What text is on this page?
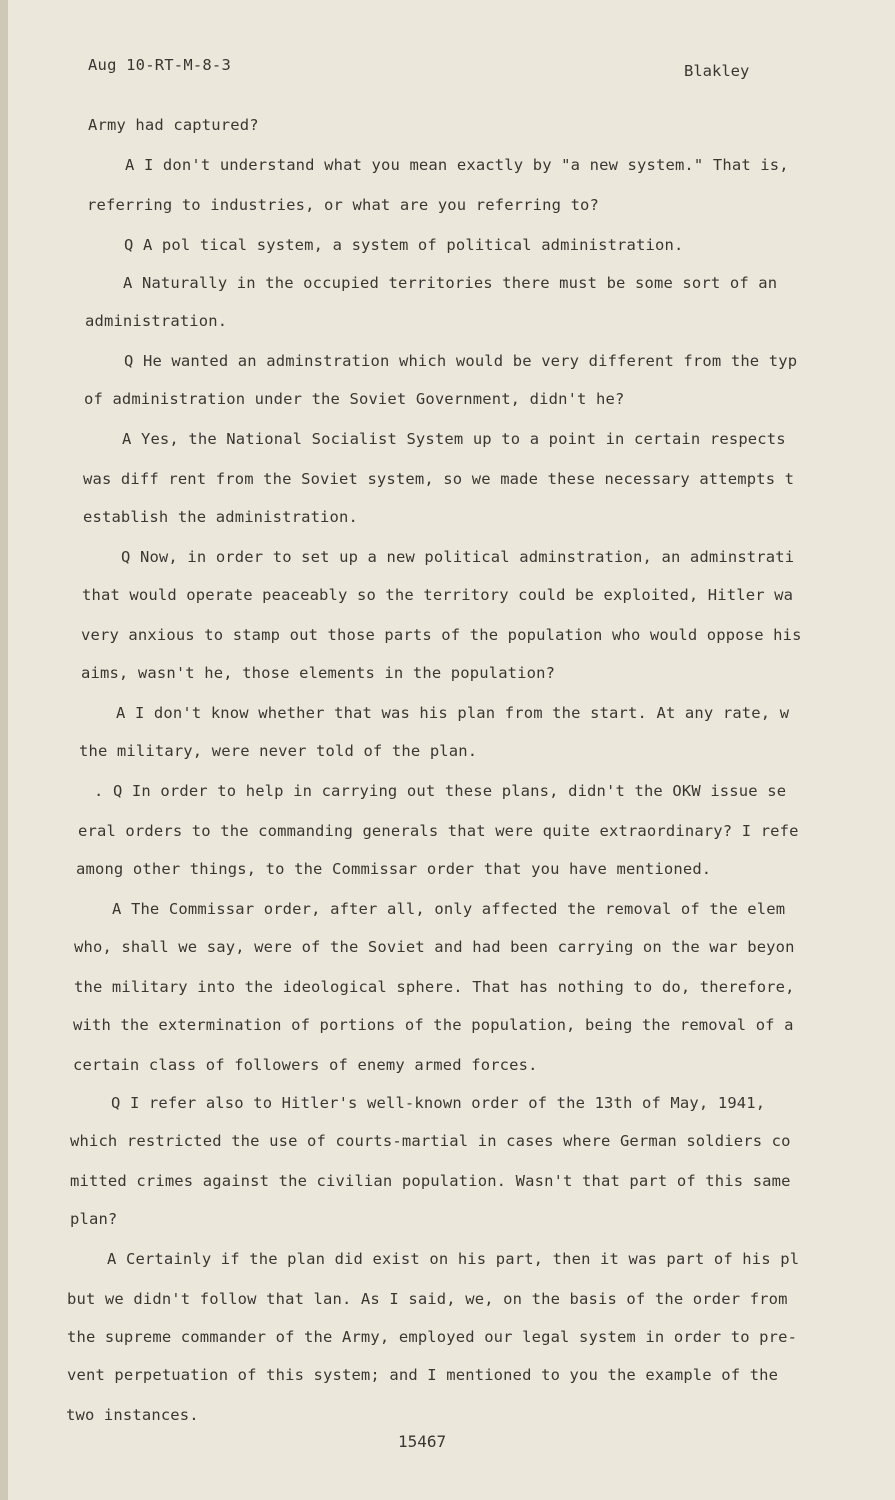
Aug 10-RT-M-8-3	Blakley
Army had captured?
A I don't understand what you mean exactly by "a new system." That is,
referring to industries, or what are you referring to?
Q A pol tical system, a system of political administration.
A Naturally in the occupied territories there must be some sort of an
administration.
Q He wanted an adminstration which would be very different from the typ
of administration under the Soviet Government, didn't he?
A Yes, the National Socialist System up to a point in certain respects
was diff rent from the Soviet system, so we made these necessary attempts t
establish the administration.
Q Now, in order to set up a new political adminstration, an adminstrati
that would operate peaceably so the territory could be exploited, Hitler wa
very anxious to stamp out those parts of the population who would oppose his
aims, wasn't he, those elements in the population?
A I don't know whether that was his plan from the start. At any rate, w
the military, were never told of the plan.
. Q In order to help in carrying out these plans, didn't the OKW issue se
eral orders to the commanding generals that were quite extraordinary? I refe
among other things, to the Commissar order that you have mentioned.
A The Commissar order, after all, only affected the removal of the elem
who, shall we say, were of the Soviet and had been carrying on the war beyon
the military into the ideological sphere. That has nothing to do, therefore,
with the extermination of portions of the population, being the removal of a
certain class of followers of enemy armed forces.
Q I refer also to Hitler's well-known order of the 13th of May, 1941,
which restricted the use of courts-martial in cases where German soldiers co
mitted crimes against the civilian population. Wasn't that part of this same
plan?
A Certainly if the plan did exist on his part, then it was part of his pl
but we didn't follow that lan. As I said, we, on the basis of the order from
the supreme commander of the Army, employed our legal system in order to pre-
vent perpetuation of this system; and I mentioned to you the example of the
two instances.
15467
